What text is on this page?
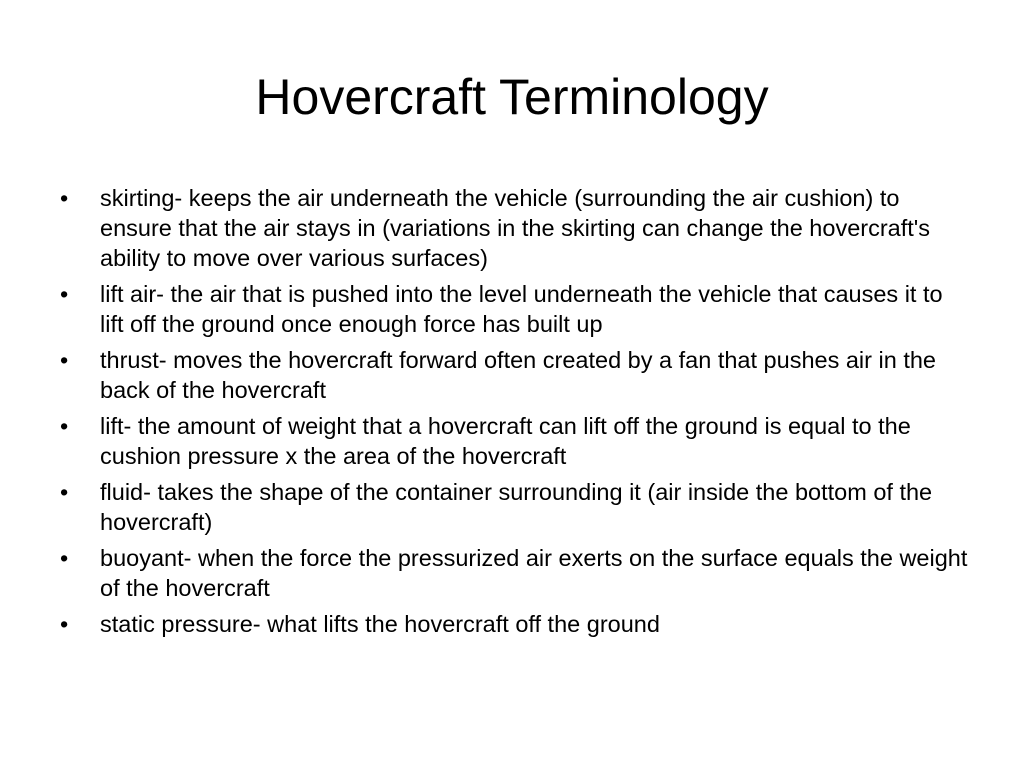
Hovercraft Terminology
•	skirting- keeps the air underneath the vehicle (surrounding the air cushion) to ensure that the air stays in (variations in the skirting can change the hovercraft's ability to move over various surfaces)
•	lift air- the air that is pushed into the level underneath the vehicle that causes it to lift off the ground once enough force has built up
•	thrust- moves the hovercraft forward often created by a fan that pushes air in the back of the hovercraft
•	lift- the amount of weight that a hovercraft can lift off the ground is equal to the cushion pressure x the area of the hovercraft
•	fluid- takes the shape of the container surrounding it (air inside the bottom of the hovercraft)
•	buoyant- when the force the pressurized air exerts on the surface equals the weight of the hovercraft
•	static pressure- what lifts the hovercraft off the ground
